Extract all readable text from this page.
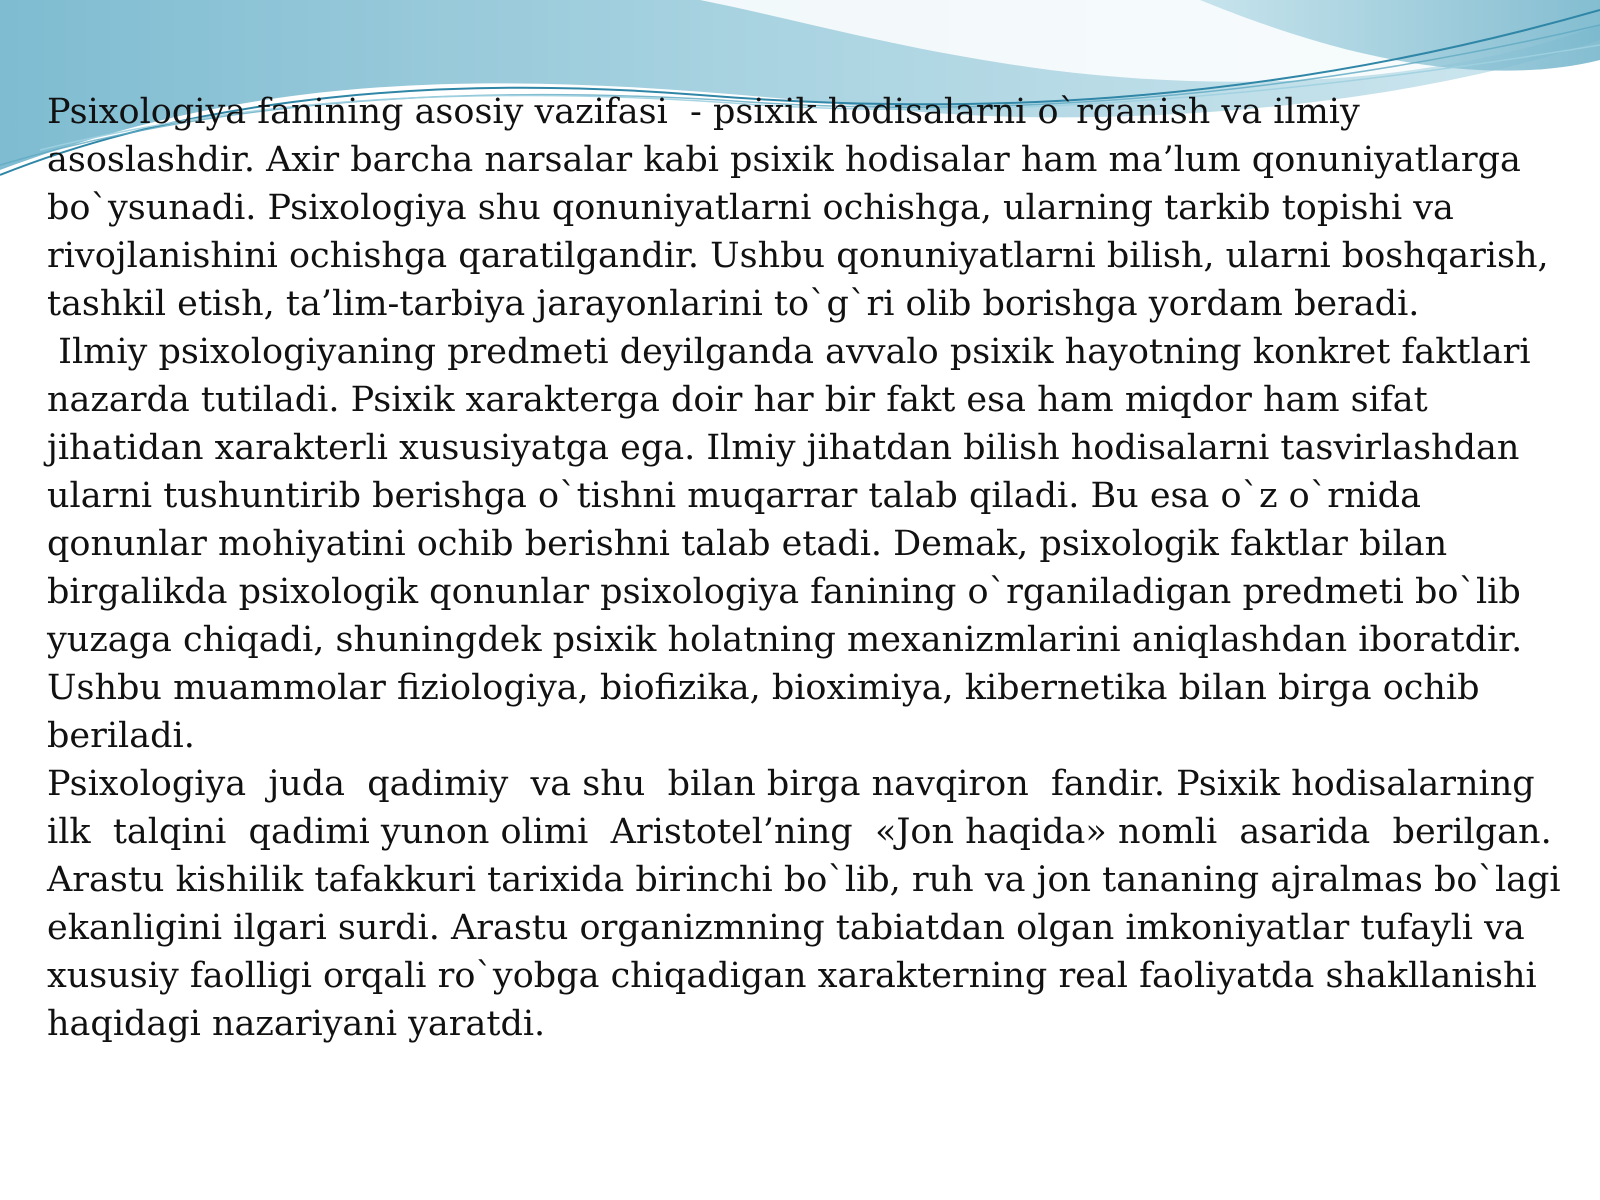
Psixologiya fanining asosiy vazifasi  - psixik hodisalarni o`rganish va ilmiy asoslashdir. Axir barcha narsalar kabi psixik hodisalar ham ma’lum qonuniyatlarga bo`ysunadi. Psixologiya shu qonuniyatlarni ochishga, ularning tarkib topishi va rivojlanishini ochishga qaratilgandir. Ushbu qonuniyatlarni bilish, ularni boshqarish, tashkil etish, ta’lim-tarbiya jarayonlarini to`g`ri olib borishga yordam beradi.

Ilmiy psixologiyaning predmeti deyilganda avvalo psixik hayotning konkret faktlari nazarda tutiladi. Psixik xarakterga doir har bir fakt esa ham miqdor ham sifat jihatidan xarakterli xususiyatga ega. Ilmiy jihatdan bilish hodisalarni tasvirlashdan ularni tushuntirib berishga o`tishni muqarrar talab qiladi. Bu esa o`z o`rnida qonunlar mohiyatini ochib berishni talab etadi. Demak, psixologik faktlar bilan birgalikda psixologik qonunlar psixologiya fanining o`rganiladigan predmeti bo`lib yuzaga chiqadi, shuningdek psixik holatning mexanizmlarini aniqlashdan iboratdir. Ushbu muammolar fiziologiya, biofizika, bioximiya, kibernetika bilan birga ochib beriladi.

Psixologiya  juda  qadimiy  va shu  bilan birga navqiron  fandir. Psixik hodisalarning  ilk  talqini  qadimi yunon olimi  Aristotel’ning  «Jon haqida» nomli  asarida  berilgan.

Arastu kishilik tafakkuri tarixida birinchi bo`lib, ruh va jon tananing ajralmas bo`lagi ekanligini ilgari surdi. Arastu organizmning tabiatdan olgan imkoniyatlar tufayli va xususiy faolligi orqali ro`yobga chiqadigan xarakterning real faoliyatda shakllanishi haqidagi nazariyani yaratdi.
